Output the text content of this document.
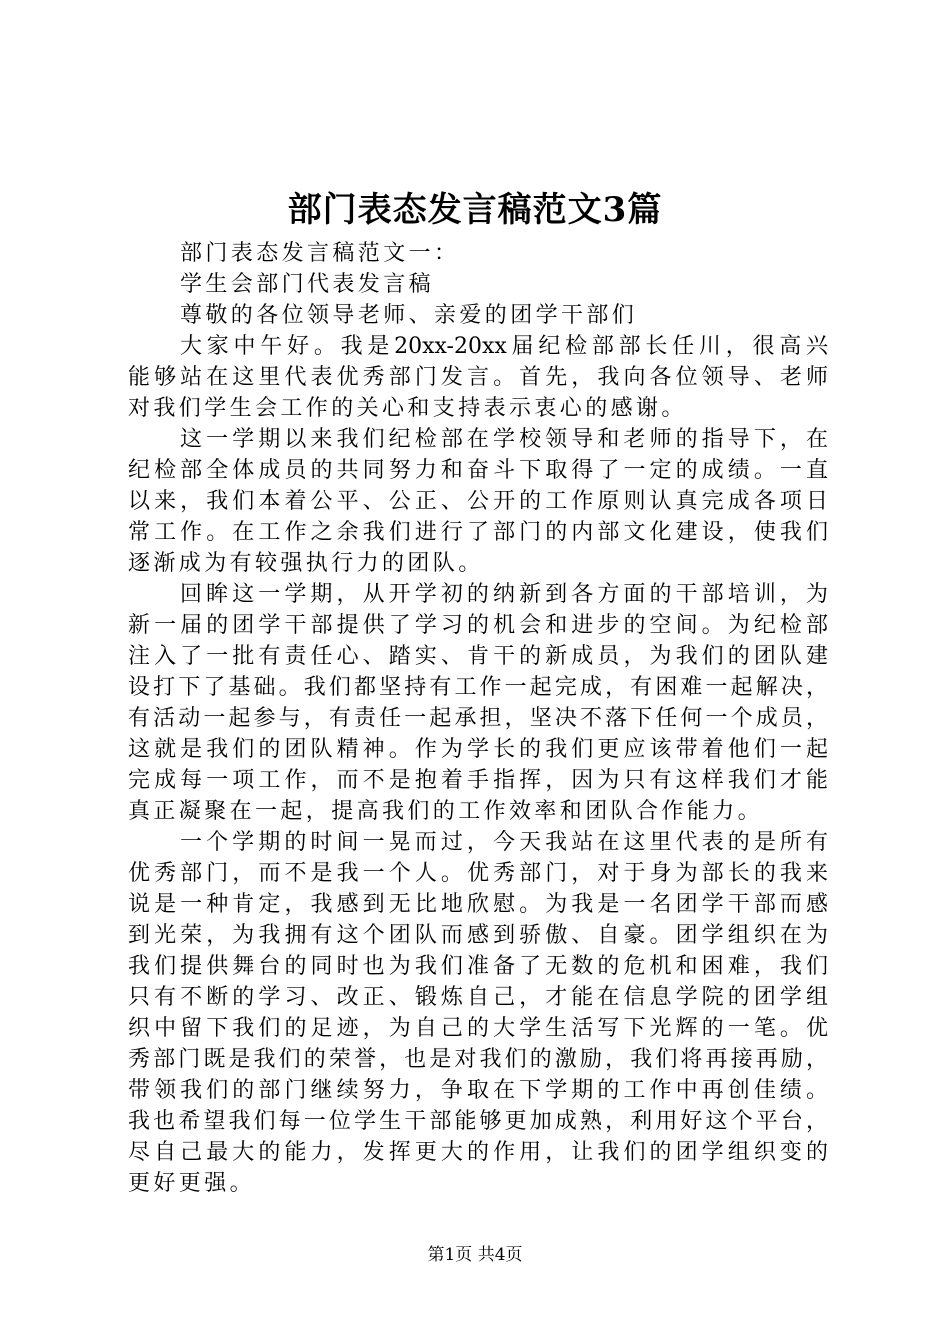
部门表态发言稿范文3篇
部门表态发言稿范文一：
学生会部门代表发言稿
尊敬的各位领导老师、亲爱的团学干部们
大家中午好。我是20xx-20xx届纪检部部长任川，很高兴
能够站在这里代表优秀部门发言。首先，我向各位领导、老师
对我们学生会工作的关心和支持表示衷心的感谢。
这一学期以来我们纪检部在学校领导和老师的指导下，在
纪检部全体成员的共同努力和奋斗下取得了一定的成绩。一直
以来，我们本着公平、公正、公开的工作原则认真完成各项日
常工作。在工作之余我们进行了部门的内部文化建设，使我们
逐渐成为有较强执行力的团队。
回眸这一学期，从开学初的纳新到各方面的干部培训，为
新一届的团学干部提供了学习的机会和进步的空间。为纪检部
注入了一批有责任心、踏实、肯干的新成员，为我们的团队建
设打下了基础。我们都坚持有工作一起完成，有困难一起解决，
有活动一起参与，有责任一起承担，坚决不落下任何一个成员，
这就是我们的团队精神。作为学长的我们更应该带着他们一起
完成每一项工作，而不是抱着手指挥，因为只有这样我们才能
真正凝聚在一起，提高我们的工作效率和团队合作能力。
一个学期的时间一晃而过，今天我站在这里代表的是所有
优秀部门，而不是我一个人。优秀部门，对于身为部长的我来
说是一种肯定，我感到无比地欣慰。为我是一名团学干部而感
到光荣，为我拥有这个团队而感到骄傲、自豪。团学组织在为
我们提供舞台的同时也为我们准备了无数的危机和困难，我们
只有不断的学习、改正、锻炼自己，才能在信息学院的团学组
织中留下我们的足迹，为自己的大学生活写下光辉的一笔。优
秀部门既是我们的荣誉，也是对我们的激励，我们将再接再励，
带领我们的部门继续努力，争取在下学期的工作中再创佳绩。
我也希望我们每一位学生干部能够更加成熟，利用好这个平台，
尽自己最大的能力，发挥更大的作用，让我们的团学组织变的
更好更强。
第1页 共4页
